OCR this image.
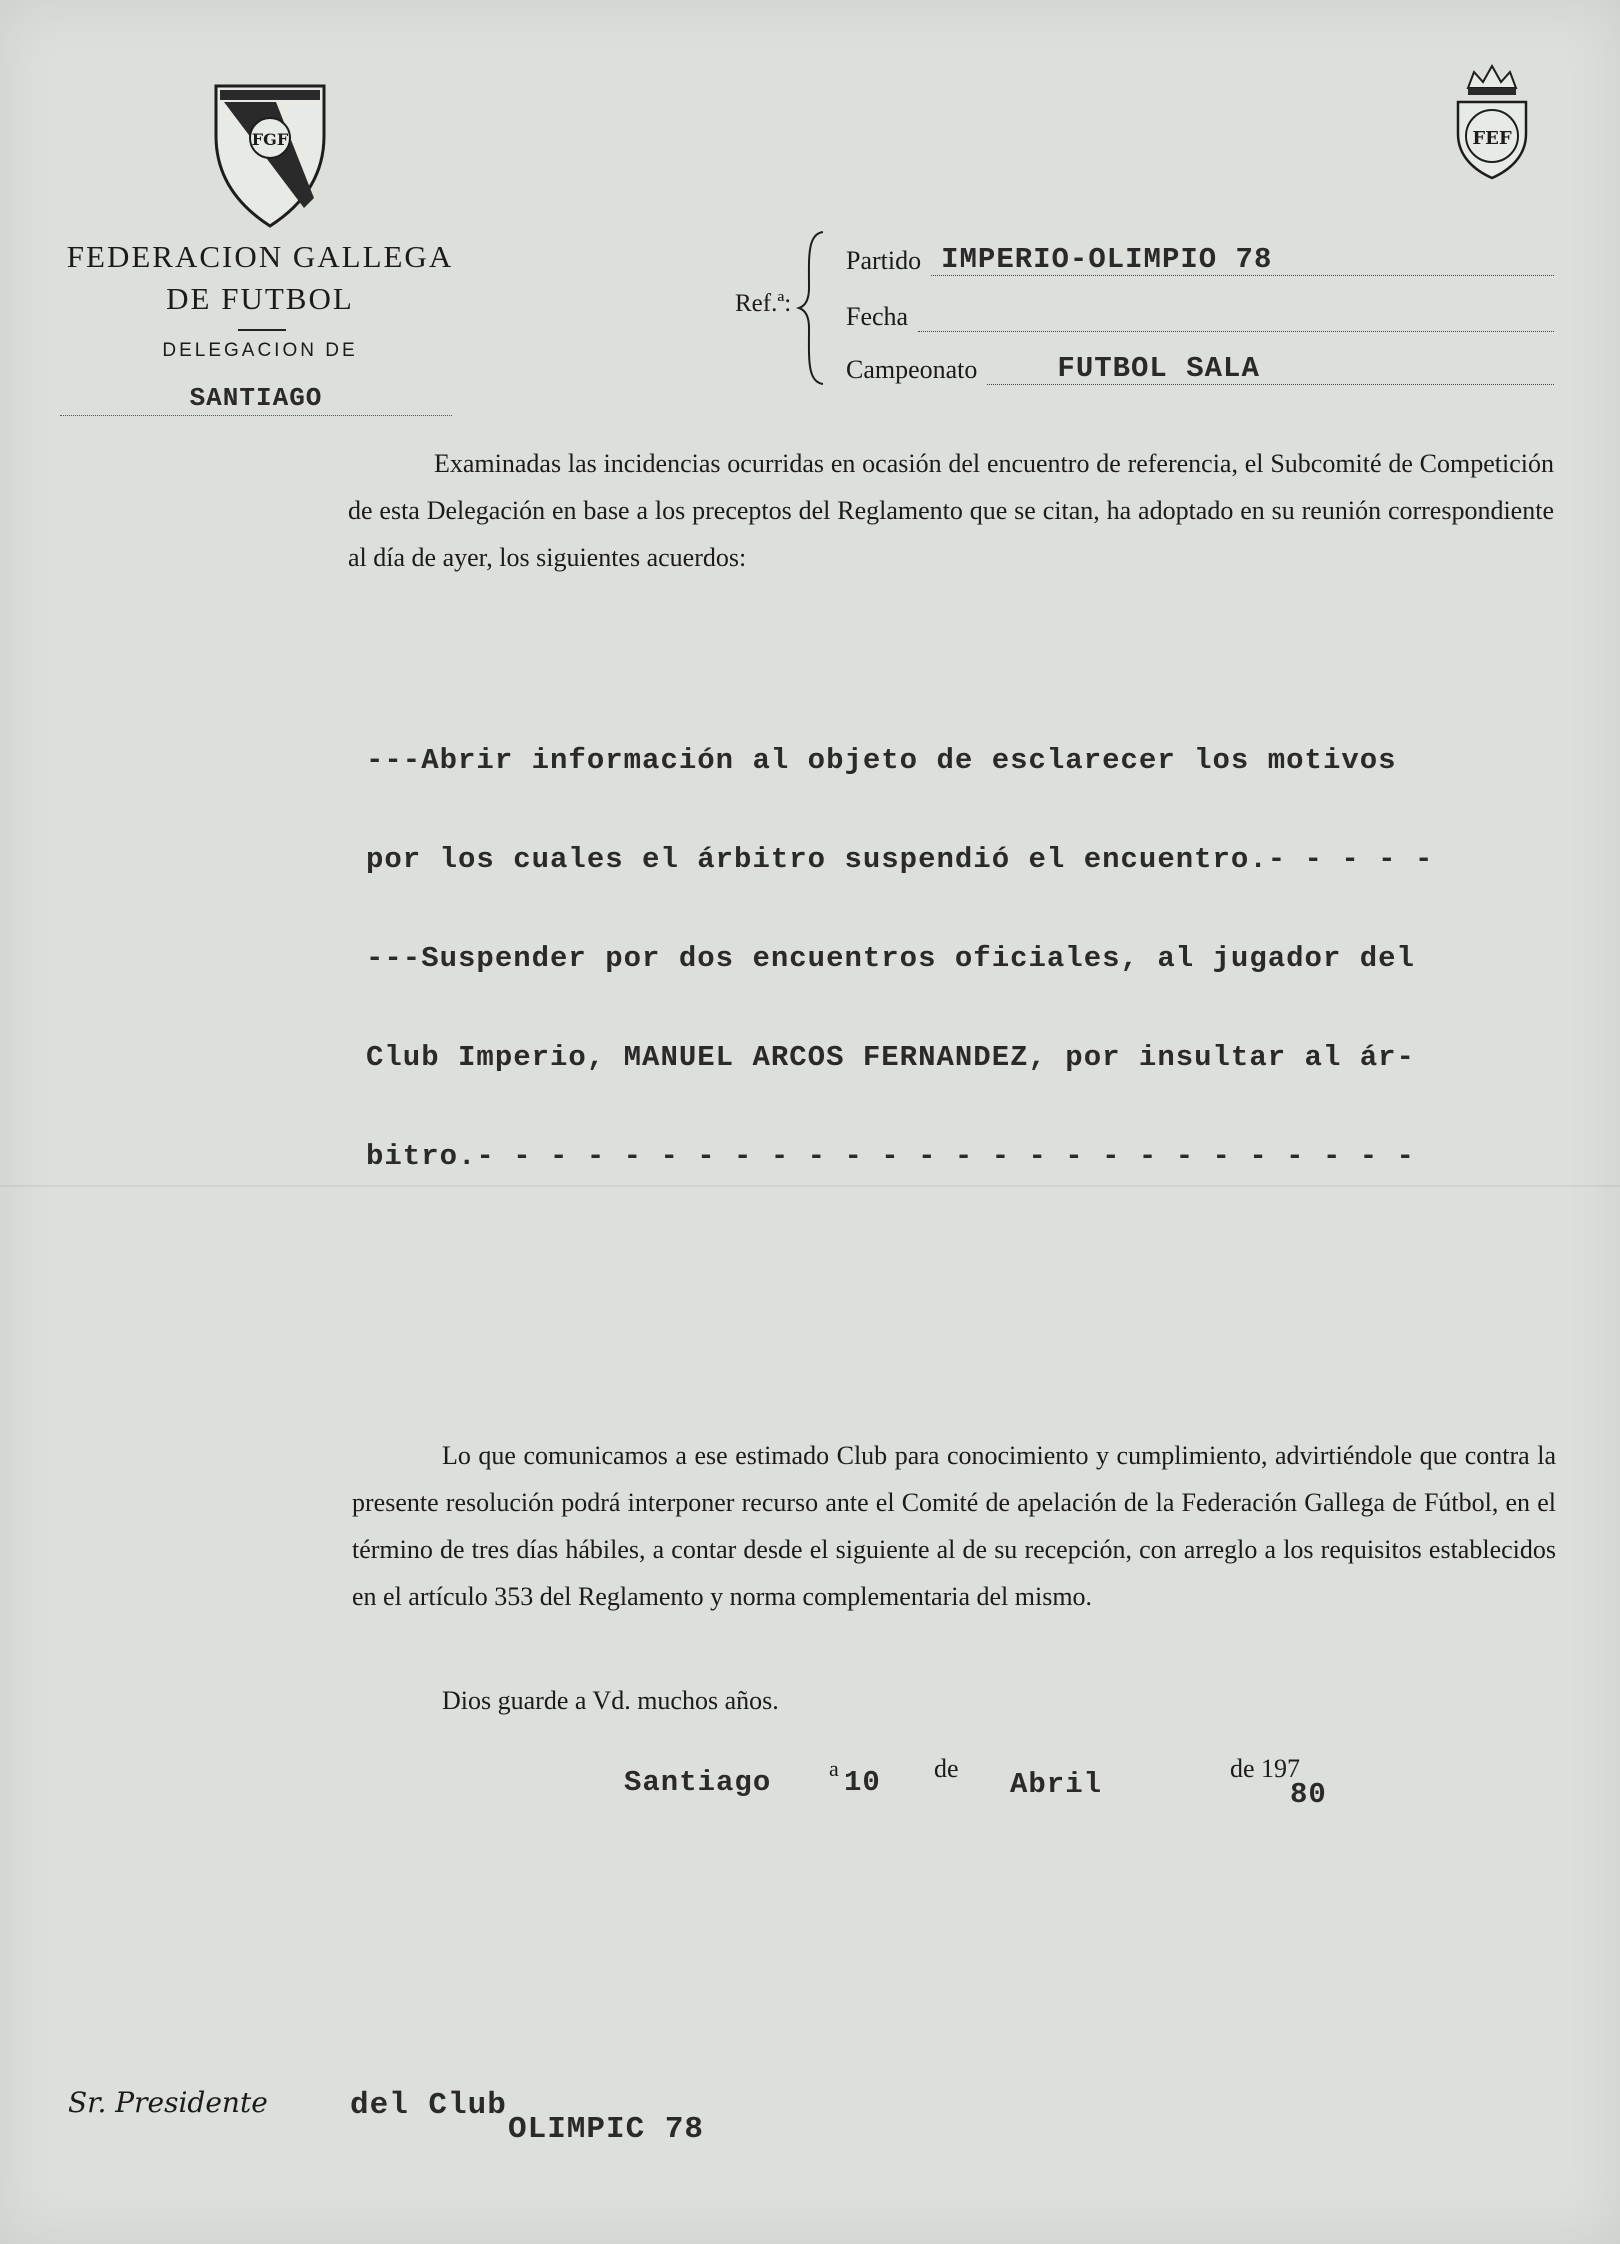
FGF	FEF
FEDERACION GALLEGA
DE FUTBOL
DELEGACION DE
SANTIAGO
Ref.ª:
Partido IMPERIO-OLIMPIO 78
Fecha
Campeonato	FUTBOL SALA
Examinadas las incidencias ocurridas en ocasión del encuentro de referencia, el Subcomité de Competición de esta Delegación en base a los preceptos del Reglamento que se citan, ha adoptado en su reunión correspondiente al día de ayer, los siguientes acuerdos:

---Abrir información al objeto de esclarecer los motivos

por los cuales el árbitro suspendió el encuentro.- - - - -

---Suspender por dos encuentros oficiales, al jugador del

Club Imperio, MANUEL ARCOS FERNANDEZ, por insultar al ár-

bitro.- - - - - - - - - - - - - - - - - - - - - - - - - -

Lo que comunicamos a ese estimado Club para conocimiento y cumplimiento, advirtiéndole que contra la presente resolución podrá interponer recurso ante el Comité de apelación de la Federación Gallega de Fútbol, en el término de tres días hábiles, a contar desde el siguiente al de su recepción, con arreglo a los requisitos establecidos en el artículo 353 del Reglamento y norma complementaria del mismo.
Dios guarde a Vd. muchos años.
Santiago	a 10 de Abril	de 197
80
Sr. Presidente	del Club
OLIMPIC 78
